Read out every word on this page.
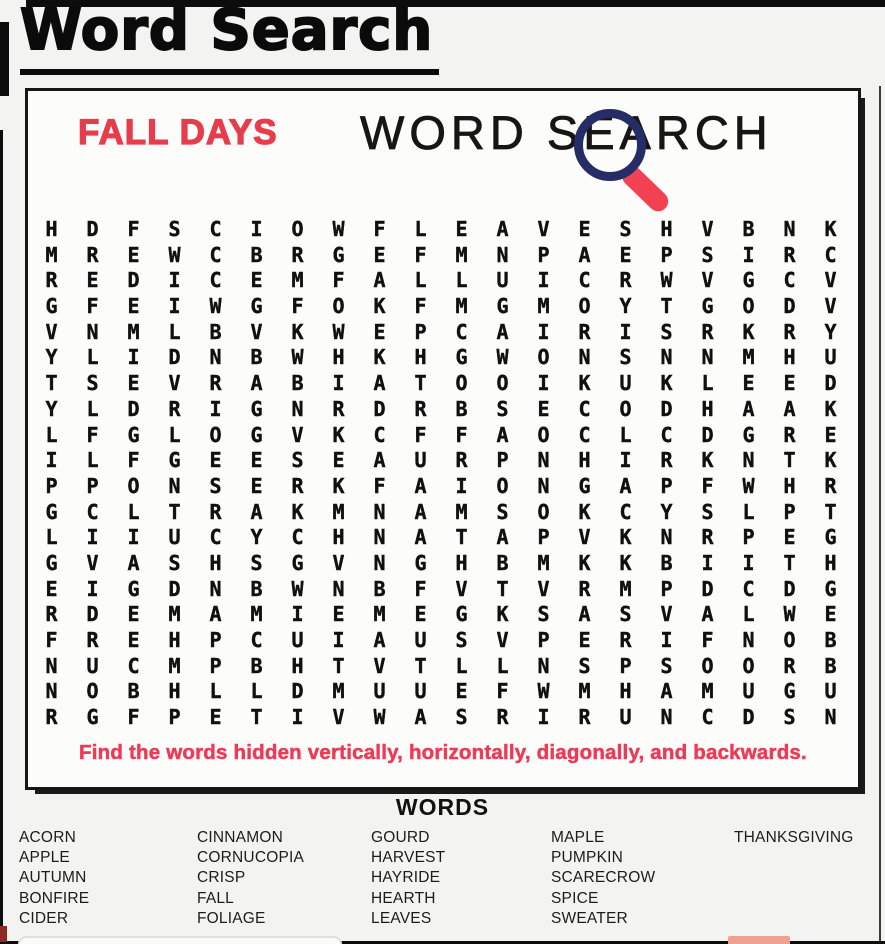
Word Search
FALL DAYS WORD SEARCH
H	D	F	S	C	I	O	W	F	L	E	A	V	E	S	H	V	B	N	K
M	R	E	W	C	B	R	G	E	F	M	N	P	A	E	P	S	I	R	C
R	E	D	I	C	E	M	F	A	L	L	U	I	C	R	W	V	G	C	V
G	F	E	I	W	G	F	O	K	F	M	G	M	O	Y	T	G	O	D	V
V	N	M	L	B	V	K	W	E	P	C	A	I	R	I	S	R	K	R	Y
Y	L	I	D	N	B	W	H	K	H	G	W	O	N	S	N	N	M	H	U
T	S	E	V	R	A	B	I	A	T	O	O	I	K	U	K	L	E	E	D
Y	L	D	R	I	G	N	R	D	R	B	S	E	C	O	D	H	A	A	K
L	F	G	L	O	G	V	K	C	F	F	A	O	C	L	C	D	G	R	E
I	L	F	G	E	E	S	E	A	U	R	P	N	H	I	R	K	N	T	K
P	P	O	N	S	E	R	K	F	A	I	O	N	G	A	P	F	W	H	R
G	C	L	T	R	A	K	M	N	A	M	S	O	K	C	Y	S	L	P	T
L	I	I	U	C	Y	C	H	N	A	T	A	P	V	K	N	R	P	E	G
G	V	A	S	H	S	G	V	N	G	H	B	M	K	K	B	I	I	T	H
E	I	G	D	N	B	W	N	B	F	V	T	V	R	M	P	D	C	D	G
R	D	E	M	A	M	I	E	M	E	G	K	S	A	S	V	A	L	W	E
F	R	E	H	P	C	U	I	A	U	S	V	P	E	R	I	F	N	O	B
N	U	C	M	P	B	H	T	V	T	L	L	N	S	P	S	O	O	R	B
N	O	B	H	L	L	D	M	U	U	E	F	W	M	H	A	M	U	G	U
R	G	F	P	E	T	I	V	W	A	S	R	I	R	U	N	C	D	S	N
Find the words hidden vertically, horizontally, diagonally, and backwards.
WORDS
ACORN
APPLE
AUTUMN
BONFIRE
CIDER
CINNAMON
CORNUCOPIA
CRISP
FALL
FOLIAGE
GOURD
HARVEST
HAYRIDE
HEARTH
LEAVES
MAPLE
PUMPKIN
SCARECROW
SPICE
SWEATER
THANKSGIVING
